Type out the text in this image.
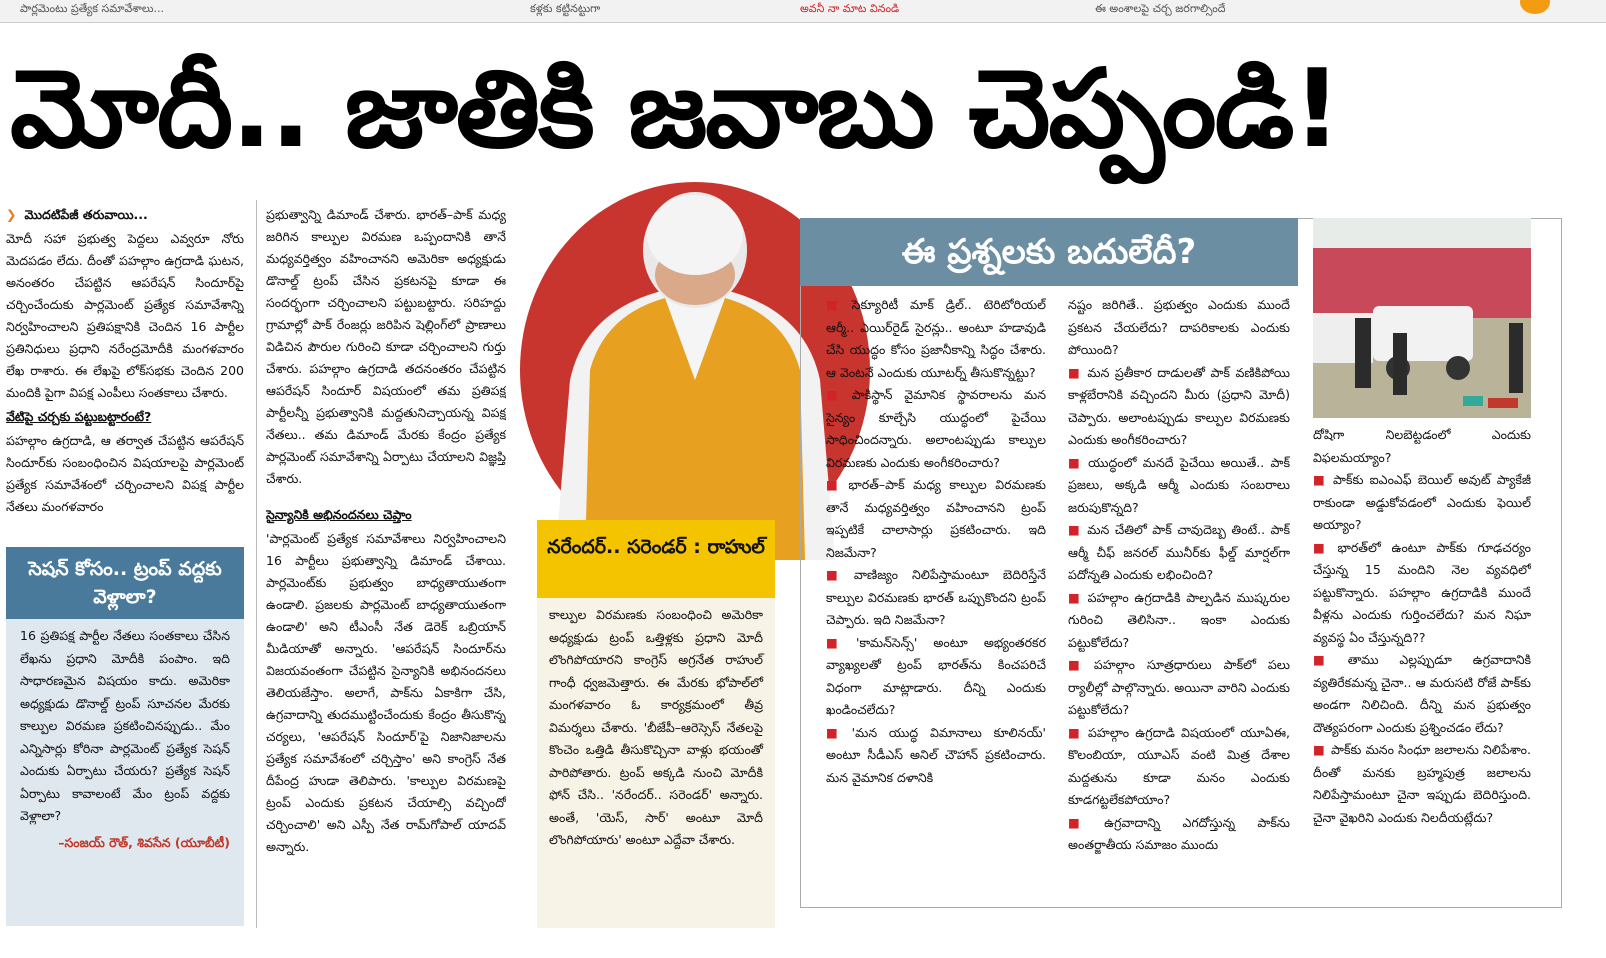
పార్లమెంటు ప్రత్యేక సమావేశాలు...	కళ్లకు కట్టినట్టుగా	అవనీ నా మాట వినండి	ఈ అంశాలపై చర్చ జరగాల్సిందే
మోదీ.. జాతికి జవాబు చెప్పండి!

❯ మొదటిపేజీ తరువాయి...

మోదీ సహా ప్రభుత్వ పెద్దలు ఎవ్వరూ నోరు మెదపడం లేదు. దీంతో పహల్గాం ఉగ్రదాడి ఘటన, అనంతరం చేపట్టిన ఆపరేషన్ సిందూర్‌పై చర్చించేందుకు పార్లమెంట్ ప్రత్యేక సమావేశాన్ని నిర్వహించాలని ప్రతిపక్షానికి చెందిన 16 పార్టీల ప్రతినిధులు ప్రధాని నరేంద్రమోదీకి మంగళవారం లేఖ రాశారు. ఈ లేఖపై లోక్‌సభకు చెందిన 200 మందికి పైగా విపక్ష ఎంపీలు సంతకాలు చేశారు.

వేటిపై చర్చకు పట్టుబట్టారంటే?

పహల్గాం ఉగ్రదాడి, ఆ తర్వాత చేపట్టిన ఆపరేషన్ సిందూర్‌కు సంబంధించిన విషయాలపై పార్లమెంట్ ప్రత్యేక సమావేశంలో చర్చించాలని విపక్ష పార్టీల నేతలు మంగళవారం

సెషన్ కోసం.. ట్రంప్ వద్దకు వెళ్లాలా?
16 ప్రతిపక్ష పార్టీల నేతలు సంతకాలు చేసిన లేఖను ప్రధాని మోదీకి పంపాం. ఇది సాధారణమైన విషయం కాదు. అమెరికా అధ్యక్షుడు డొనాల్డ్ ట్రంప్ సూచనల మేరకు కాల్పుల విరమణ ప్రకటించినప్పుడు.. మేం ఎన్నిసార్లు కోరినా పార్లమెంట్ ప్రత్యేక సెషన్ ఎందుకు ఏర్పాటు చేయరు? ప్రత్యేక సెషన్ ఏర్పాటు కావాలంటే మేం ట్రంప్ వద్దకు వెళ్లాలా?
–సంజయ్ రౌత్, శివసేన (యూబీటీ)

ప్రభుత్వాన్ని డిమాండ్ చేశారు. భారత్–పాక్ మధ్య జరిగిన కాల్పుల విరమణ ఒప్పందానికి తానే మధ్యవర్తిత్వం వహించానని అమెరికా అధ్యక్షుడు డొనాల్డ్ ట్రంప్ చేసిన ప్రకటనపై కూడా ఈ సందర్భంగా చర్చించాలని పట్టుబట్టారు. సరిహద్దు గ్రామాల్లో పాక్ రేంజర్లు జరిపిన షెల్లింగ్‌లో ప్రాణాలు విడిచిన పౌరుల గురించి కూడా చర్చించాలని గుర్తు చేశారు. పహల్గాం ఉగ్రదాడి తదనంతరం చేపట్టిన ఆపరేషన్ సిందూర్ విషయంలో తమ ప్రతిపక్ష పార్టీలన్నీ ప్రభుత్వానికి మద్దతునిచ్చాయన్న విపక్ష నేతలు.. తమ డిమాండ్ మేరకు కేంద్రం ప్రత్యేక పార్లమెంట్ సమావేశాన్ని ఏర్పాటు చేయాలని విజ్ఞప్తి చేశారు.

సైన్యానికి అభినందనలు చెప్తాం

'పార్లమెంట్ ప్రత్యేక సమావేశాలు నిర్వహించాలని 16 పార్టీలు ప్రభుత్వాన్ని డిమాండ్ చేశాయి. పార్లమెంట్‌కు ప్రభుత్వం బాధ్యతాయుతంగా ఉండాలి. ప్రజలకు పార్లమెంట్ బాధ్యతాయుతంగా ఉండాలి' అని టీఎంసీ నేత డెరెక్ ఒబ్రియాన్ మీడియాతో అన్నారు. 'ఆపరేషన్ సిందూర్‌ను విజయవంతంగా చేపట్టిన సైన్యానికి అభినందనలు తెలియజేస్తాం. అలాగే, పాక్‌ను ఏకాకిగా చేసి, ఉగ్రవాదాన్ని తుదముట్టించేందుకు కేంద్రం తీసుకొన్న చర్యలు, 'ఆపరేషన్ సిందూర్'పై నిజానిజాలను ప్రత్యేక సమావేశంలో చర్చిస్తాం' అని కాంగ్రెస్ నేత దీపేంద్ర హుడా తెలిపారు. 'కాల్పుల విరమణపై ట్రంప్ ఎందుకు ప్రకటన చేయాల్సి వచ్చిందో చర్చించాలి' అని ఎస్పీ నేత రామ్‌గోపాల్ యాదవ్ అన్నారు.

నరేందర్.. సరెండర్ : రాహుల్
కాల్పుల విరమణకు సంబంధించి అమెరికా అధ్యక్షుడు ట్రంప్ ఒత్తిళ్లకు ప్రధాని మోదీ లొంగిపోయారని కాంగ్రెస్ అగ్రనేత రాహుల్ గాంధీ ధ్వజమెత్తారు. ఈ మేరకు భోపాల్‌లో మంగళవారం ఓ కార్యక్రమంలో తీవ్ర విమర్శలు చేశారు. 'బీజేపీ–ఆరెస్సెస్ నేతలపై కొంచెం ఒత్తిడి తీసుకొచ్చినా వాళ్లు భయంతో పారిపోతారు. ట్రంప్ అక్కడి నుంచి మోదీకి ఫోన్ చేసి.. 'నరేందర్.. సరెండర్' అన్నారు. అంతే, 'యెస్, సార్' అంటూ మోదీ లొంగిపోయారు' అంటూ ఎద్దేవా చేశారు.
ఈ ప్రశ్నలకు బదులేదీ?

■ సెక్యూరిటీ మాక్ డ్రిల్.. టెరిటోరియల్ ఆర్మీ.. ఎయిర్‌రైడ్ సైరన్లు.. అంటూ హడావుడి చేసి యుద్ధం కోసం ప్రజానీకాన్ని సిద్ధం చేశారు. ఆ వెంటనే ఎందుకు యూటర్న్ తీసుకొన్నట్టు?

■ పాకిస్థాన్ వైమానిక స్థావరాలను మన సైన్యం కూల్చేసి యుద్ధంలో పైచేయి సాధించిందన్నారు. అలాంటప్పుడు కాల్పుల విరమణకు ఎందుకు అంగీకరించారు?

■ భారత్–పాక్ మధ్య కాల్పుల విరమణకు తానే మధ్యవర్తిత్వం వహించానని ట్రంప్ ఇప్పటికే చాలాసార్లు ప్రకటించారు. ఇది నిజమేనా?

■ వాణిజ్యం నిలిపేస్తామంటూ బెదిరిస్తేనే కాల్పుల విరమణకు భారత్ ఒప్పుకొందని ట్రంప్ చెప్పారు. ఇది నిజమేనా?

■ 'కామన్‌సెన్స్' అంటూ అభ్యంతరకర వ్యాఖ్యలతో ట్రంప్ భారత్‌ను కించపరిచే విధంగా మాట్లాడారు. దీన్ని ఎందుకు ఖండించలేదు?

■ 'మన యుద్ధ విమానాలు కూలినయ్' అంటూ సీడీఎస్ అనిల్ చౌహాన్ ప్రకటించారు. మన వైమానిక దళానికి

నష్టం జరిగితే.. ప్రభుత్వం ఎందుకు ముందే ప్రకటన చేయలేదు? దాపరికాలకు ఎందుకు పోయింది?

■ మన ప్రతీకార దాడులతో పాక్ వణికిపోయి కాళ్లబేరానికి వచ్చిందని మీరు (ప్రధాని మోదీ) చెప్పారు. అలాంటప్పుడు కాల్పుల విరమణకు ఎందుకు అంగీకరించారు?

■ యుద్ధంలో మనదే పైచేయి అయితే.. పాక్ ప్రజలు, అక్కడి ఆర్మీ ఎందుకు సంబరాలు జరుపుకొన్నది?

■ మన చేతిలో పాక్ చావుదెబ్బ తింటే.. పాక్ ఆర్మీ చీఫ్ జనరల్ మునీర్‌కు ఫీల్డ్ మార్షల్‌గా పదోన్నతి ఎందుకు లభించింది?

■ పహల్గాం ఉగ్రదాడికి పాల్పడిన ముష్కరుల గురించి తెలిసినా.. ఇంకా ఎందుకు పట్టుకోలేదు?

■ పహల్గాం సూత్రధారులు పాక్‌లో పలు ర్యాలీల్లో పాల్గొన్నారు. అయినా వారిని ఎందుకు పట్టుకోలేదు?

■ పహల్గాం ఉగ్రదాడి విషయంలో యూఏఈ, కొలంబియా, యూఎస్ వంటి మిత్ర దేశాల మద్దతును కూడా మనం ఎందుకు కూడగట్టలేకపోయాం?

■ ఉగ్రవాదాన్ని ఎగదోస్తున్న పాక్‌ను అంతర్జాతీయ సమాజం ముందు

దోషిగా నిలబెట్టడంలో ఎందుకు విఫలమయ్యాం?

■ పాక్‌కు ఐఎంఎఫ్ బెయిల్ అవుట్ ప్యాకేజీ రాకుండా అడ్డుకోవడంలో ఎందుకు ఫెయిల్ అయ్యాం?

■ భారత్‌లో ఉంటూ పాక్‌కు గూఢచర్యం చేస్తున్న 15 మందిని నెల వ్యవధిలో పట్టుకొన్నారు. పహల్గాం ఉగ్రదాడికి ముందే వీళ్లను ఎందుకు గుర్తించలేదు? మన నిఘా వ్యవస్థ ఏం చేస్తున్నది??

■ తాము ఎల్లప్పుడూ ఉగ్రవాదానికి వ్యతిరేకమన్న చైనా.. ఆ మరుసటి రోజే పాక్‌కు అండగా నిలిచింది. దీన్ని మన ప్రభుత్వం దౌత్యపరంగా ఎందుకు ప్రశ్నించడం లేదు?

■ పాక్‌కు మనం సింధూ జలాలను నిలిపేశాం. దీంతో మనకు బ్రహ్మపుత్ర జలాలను నిలిపేస్తామంటూ చైనా ఇప్పుడు బెదిరిస్తుంది. చైనా వైఖరిని ఎందుకు నిలదీయట్లేదు?
